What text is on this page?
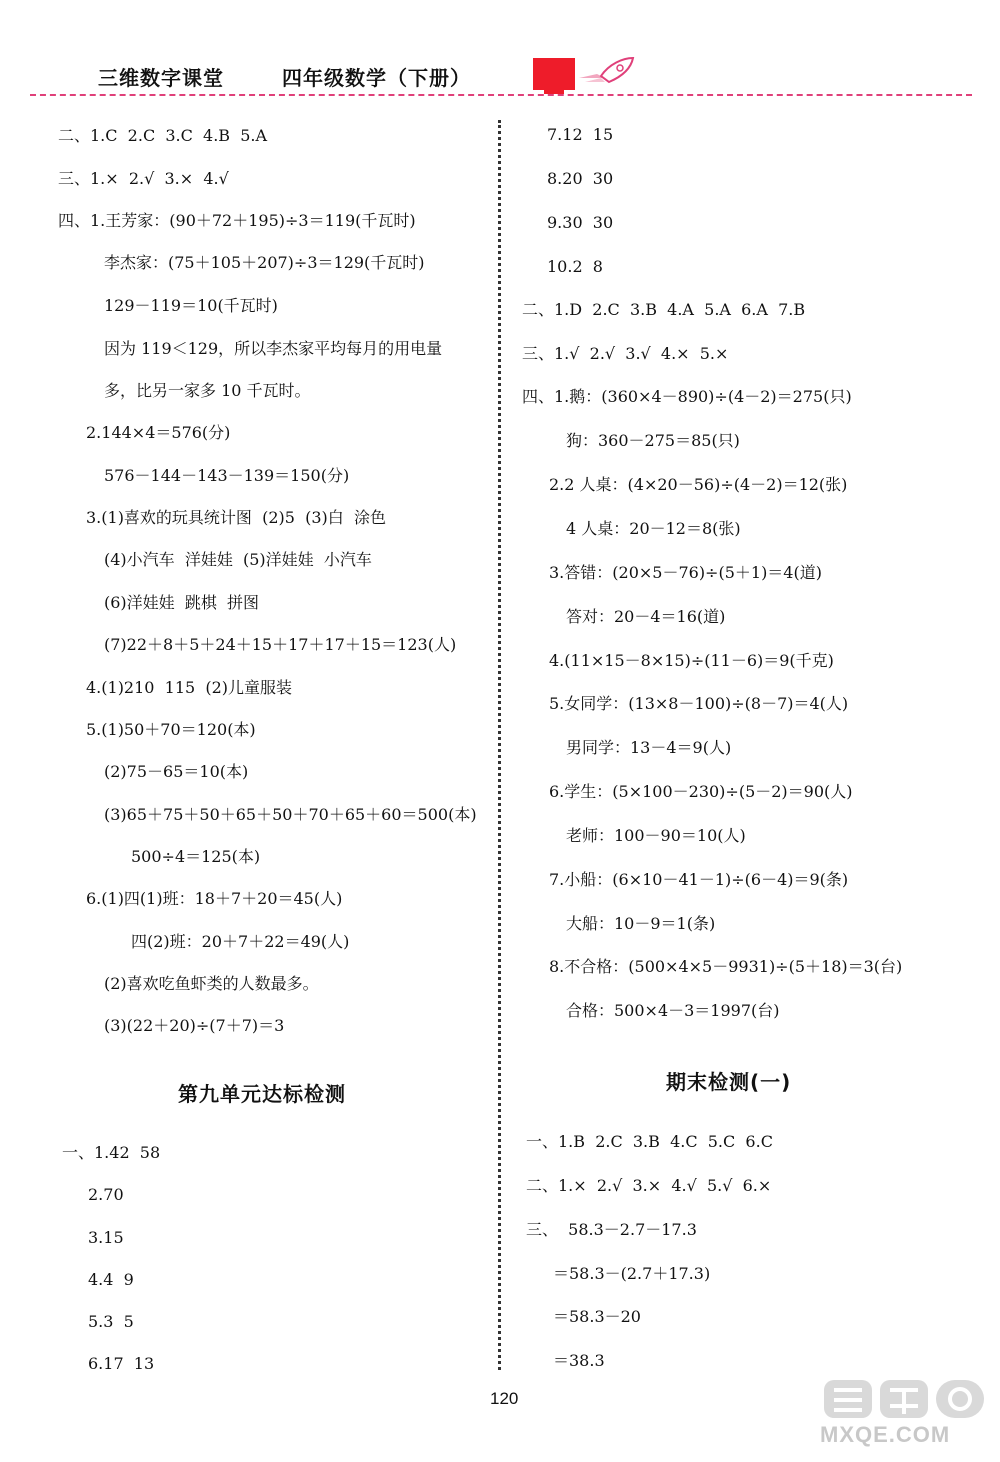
三维数字课堂	四年级数学（下册）
二、1.C  2.C  3.C  4.B  5.A
三、1.×  2.√  3.×  4.√
四、1.王芳家：(90＋72＋195)÷3＝119(千瓦时)
李杰家：(75＋105＋207)÷3＝129(千瓦时)
129－119＝10(千瓦时)
因为 119＜129，所以李杰家平均每月的用电量
多，比另一家多 10 千瓦时。
2.144×4＝576(分)
576－144－143－139＝150(分)
3.(1)喜欢的玩具统计图  (2)5  (3)白  涂色
(4)小汽车  洋娃娃  (5)洋娃娃  小汽车
(6)洋娃娃  跳棋  拼图
(7)22＋8＋5＋24＋15＋17＋17＋15＝123(人)
4.(1)210  115  (2)儿童服装
5.(1)50＋70＝120(本)
(2)75－65＝10(本)
(3)65＋75＋50＋65＋50＋70＋65＋60＝500(本)
500÷4＝125(本)
6.(1)四(1)班：18＋7＋20＝45(人)
四(2)班：20＋7＋22＝49(人)
(2)喜欢吃鱼虾类的人数最多。
(3)(22＋20)÷(7＋7)＝3
第九单元达标检测
一、1.42  58
2.70
3.15
4.4  9
5.3  5
6.17  13
7.12  15
8.20  30
9.30  30
10.2  8
二、1.D  2.C  3.B  4.A  5.A  6.A  7.B
三、1.√  2.√  3.√  4.×  5.×
四、1.鹅：(360×4－890)÷(4－2)＝275(只)
狗：360－275＝85(只)
2.2 人桌：(4×20－56)÷(4－2)＝12(张)
4 人桌：20－12＝8(张)
3.答错：(20×5－76)÷(5＋1)＝4(道)
答对：20－4＝16(道)
4.(11×15－8×15)÷(11－6)＝9(千克)
5.女同学：(13×8－100)÷(8－7)＝4(人)
男同学：13－4＝9(人)
6.学生：(5×100－230)÷(5－2)＝90(人)
老师：100－90＝10(人)
7.小船：(6×10－41－1)÷(6－4)＝9(条)
大船：10－9＝1(条)
8.不合格：(500×4×5－9931)÷(5＋18)＝3(台)
合格：500×4－3＝1997(台)
期末检测(一)
一、1.B  2.C  3.B  4.C  5.C  6.C
二、1.×  2.√  3.×  4.√  5.√  6.×
三、  58.3－2.7－17.3
＝58.3－(2.7＋17.3)
＝58.3－20
＝38.3
120
MXQE.COM
